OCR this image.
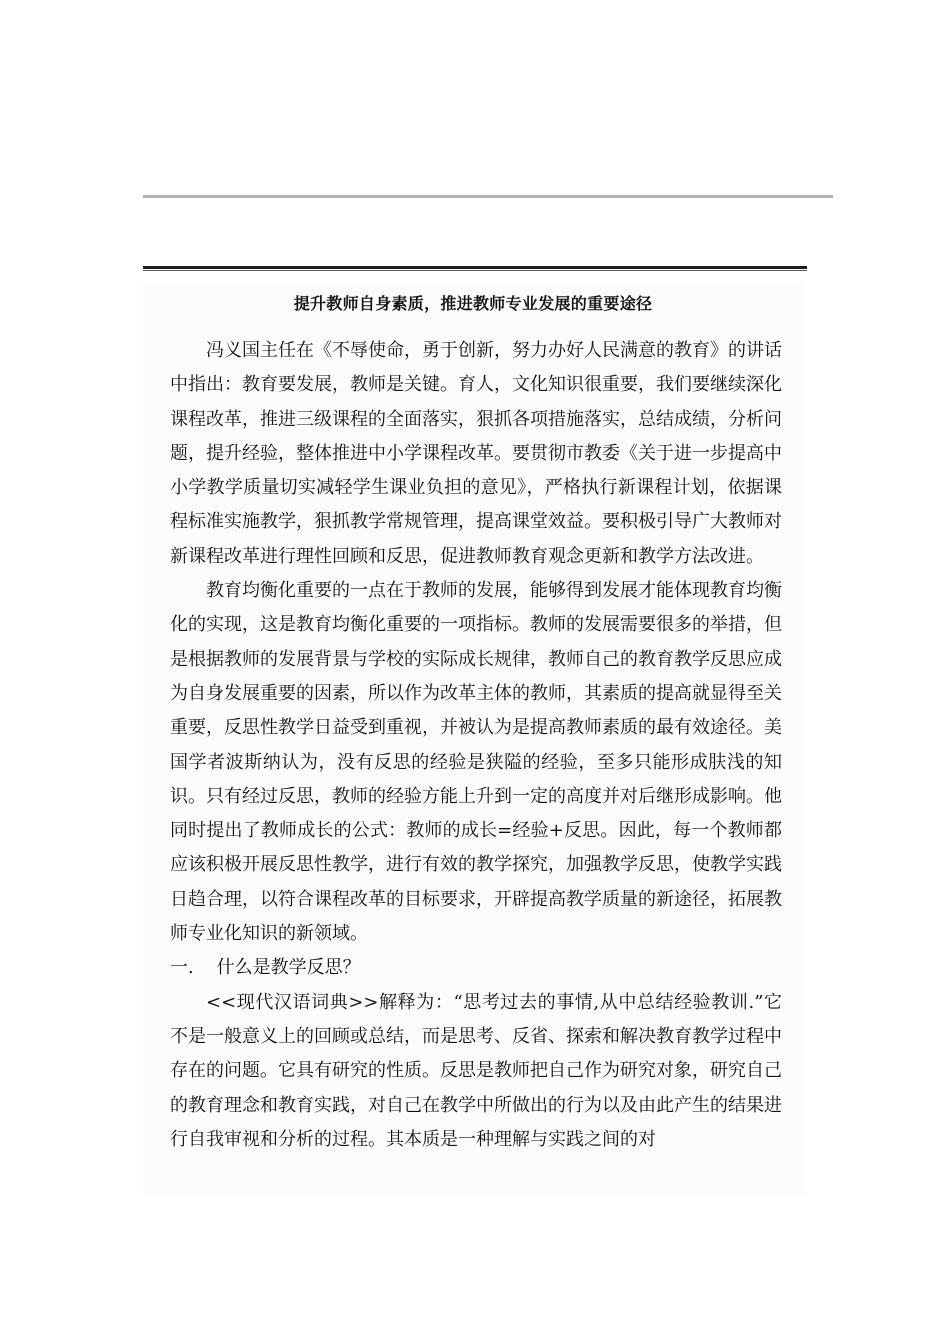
提升教师自身素质，推进教师专业发展的重要途径

冯义国主任在《不辱使命，勇于创新，努力办好人民满意的教育》的讲话中指出：教育要发展，教师是关键。育人，文化知识很重要，我们要继续深化课程改革，推进三级课程的全面落实，狠抓各项措施落实，总结成绩，分析问题，提升经验，整体推进中小学课程改革。要贯彻市教委《关于进一步提高中小学教学质量切实减轻学生课业负担的意见》，严格执行新课程计划，依据课程标准实施教学，狠抓教学常规管理，提高课堂效益。要积极引导广大教师对新课程改革进行理性回顾和反思，促进教师教育观念更新和教学方法改进。

教育均衡化重要的一点在于教师的发展，能够得到发展才能体现教育均衡化的实现，这是教育均衡化重要的一项指标。教师的发展需要很多的举措，但是根据教师的发展背景与学校的实际成长规律，教师自己的教育教学反思应成为自身发展重要的因素，所以作为改革主体的教师，其素质的提高就显得至关重要，反思性教学日益受到重视，并被认为是提高教师素质的最有效途径。美国学者波斯纳认为，没有反思的经验是狭隘的经验，至多只能形成肤浅的知识。只有经过反思，教师的经验方能上升到一定的高度并对后继形成影响。他同时提出了教师成长的公式：教师的成长=经验+反思。因此，每一个教师都应该积极开展反思性教学，进行有效的教学探究，加强教学反思，使教学实践日趋合理，以符合课程改革的目标要求，开辟提高教学质量的新途径，拓展教师专业化知识的新领域。

一.    什么是教学反思？

<<现代汉语词典>>解释为：“思考过去的事情,从中总结经验教训.”它不是一般意义上的回顾或总结，而是思考、反省、探索和解决教育教学过程中存在的问题。它具有研究的性质。反思是教师把自己作为研究对象，研究自己的教育理念和教育实践，对自己在教学中所做出的行为以及由此产生的结果进行自我审视和分析的过程。其本质是一种理解与实践之间的对
